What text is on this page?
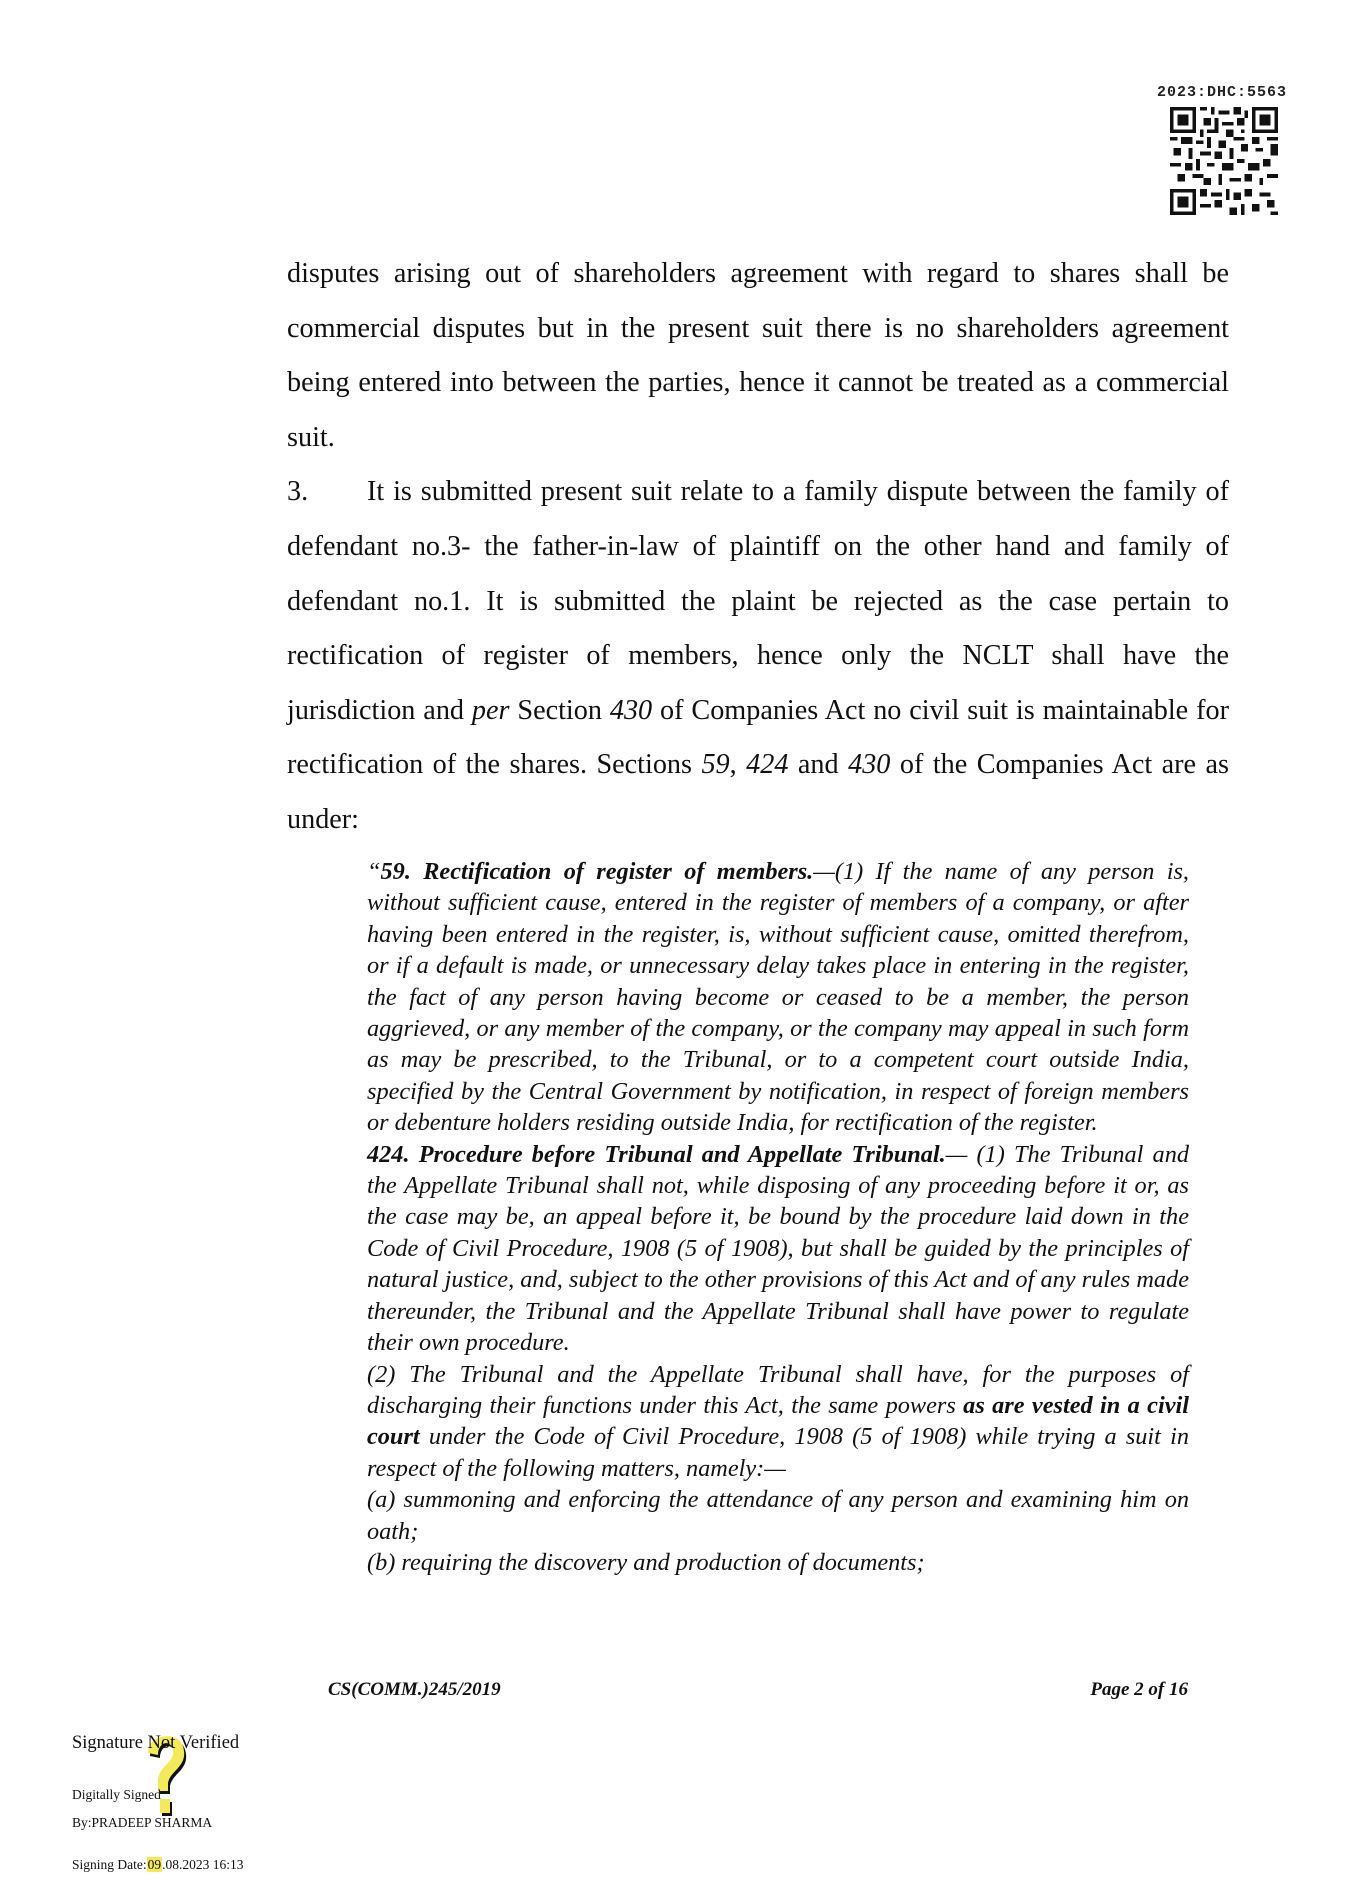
2023:DHC:5563

disputes arising out of shareholders agreement with regard to shares shall be commercial disputes but in the present suit there is no shareholders agreement being entered into between the parties, hence it cannot be treated as a commercial suit.

3. It is submitted present suit relate to a family dispute between the family of defendant no.3- the father-in-law of plaintiff on the other hand and family of defendant no.1. It is submitted the plaint be rejected as the case pertain to rectification of register of members, hence only the NCLT shall have the jurisdiction and per Section 430 of Companies Act no civil suit is maintainable for rectification of the shares. Sections 59, 424 and 430 of the Companies Act are as under:

“59. Rectification of register of members.—(1) If the name of any person is, without sufficient cause, entered in the register of members of a company, or after having been entered in the register, is, without sufficient cause, omitted therefrom, or if a default is made, or unnecessary delay takes place in entering in the register, the fact of any person having become or ceased to be a member, the person aggrieved, or any member of the company, or the company may appeal in such form as may be prescribed, to the Tribunal, or to a competent court outside India, specified by the Central Government by notification, in respect of foreign members or debenture holders residing outside India, for rectification of the register.

424. Procedure before Tribunal and Appellate Tribunal.— (1) The Tribunal and the Appellate Tribunal shall not, while disposing of any proceeding before it or, as the case may be, an appeal before it, be bound by the procedure laid down in the Code of Civil Procedure, 1908 (5 of 1908), but shall be guided by the principles of natural justice, and, subject to the other provisions of this Act and of any rules made thereunder, the Tribunal and the Appellate Tribunal shall have power to regulate their own procedure.

(2) The Tribunal and the Appellate Tribunal shall have, for the purposes of discharging their functions under this Act, the same powers as are vested in a civil court under the Code of Civil Procedure, 1908 (5 of 1908) while trying a suit in respect of the following matters, namely:—

(a) summoning and enforcing the attendance of any person and examining him on oath;

(b) requiring the discovery and production of documents;

CS(COMM.)245/2019	Page 2 of 16
Signature Not Verified
Digitally Signed
By:PRADEEP SHARMA
Signing Date:09.08.2023 16:13
